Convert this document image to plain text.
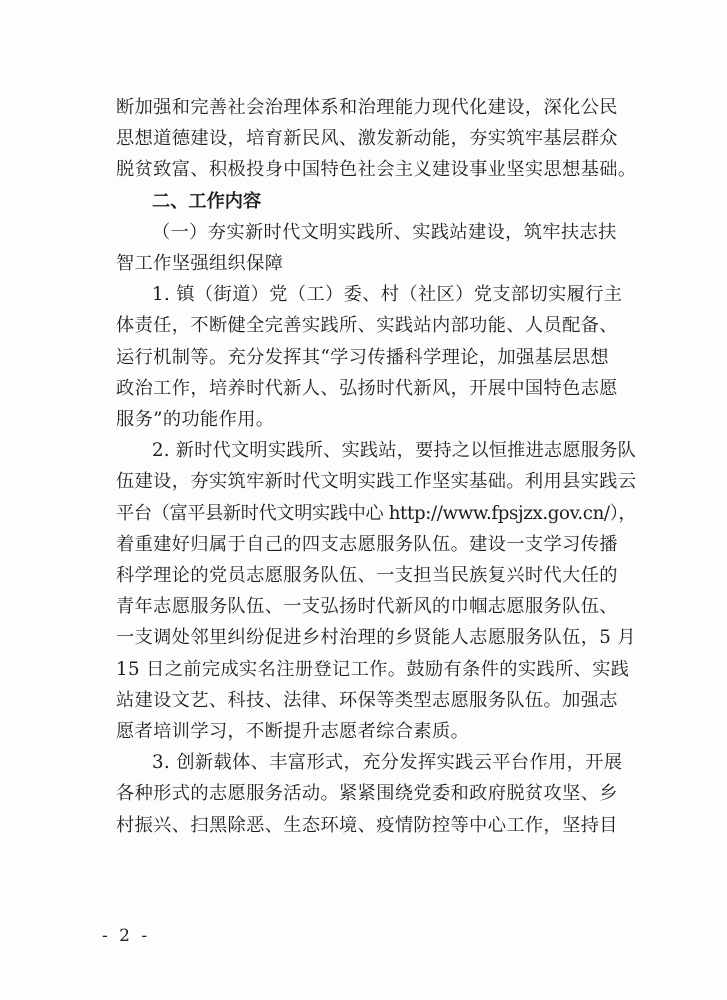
断加强和完善社会治理体系和治理能力现代化建设，深化公民
思想道德建设，培育新民风、激发新动能，夯实筑牢基层群众
脱贫致富、积极投身中国特色社会主义建设事业坚实思想基础。

二、工作内容

（一）夯实新时代文明实践所、实践站建设，筑牢扶志扶
智工作坚强组织保障

1. 镇（街道）党（工）委、村（社区）党支部切实履行主
体责任，不断健全完善实践所、实践站内部功能、人员配备、
运行机制等。充分发挥其“学习传播科学理论，加强基层思想
政治工作，培养时代新人、弘扬时代新风，开展中国特色志愿
服务”的功能作用。

2. 新时代文明实践所、实践站，要持之以恒推进志愿服务队
伍建设，夯实筑牢新时代文明实践工作坚实基础。利用县实践云
平台（富平县新时代文明实践中心 http://www.fpsjzx.gov.cn/），
着重建好归属于自己的四支志愿服务队伍。建设一支学习传播
科学理论的党员志愿服务队伍、一支担当民族复兴时代大任的
青年志愿服务队伍、一支弘扬时代新风的巾帼志愿服务队伍、
一支调处邻里纠纷促进乡村治理的乡贤能人志愿服务队伍，5 月
15 日之前完成实名注册登记工作。鼓励有条件的实践所、实践
站建设文艺、科技、法律、环保等类型志愿服务队伍。加强志
愿者培训学习，不断提升志愿者综合素质。

3. 创新载体、丰富形式，充分发挥实践云平台作用，开展
各种形式的志愿服务活动。紧紧围绕党委和政府脱贫攻坚、乡
村振兴、扫黑除恶、生态环境、疫情防控等中心工作，坚持目

- 2 -
